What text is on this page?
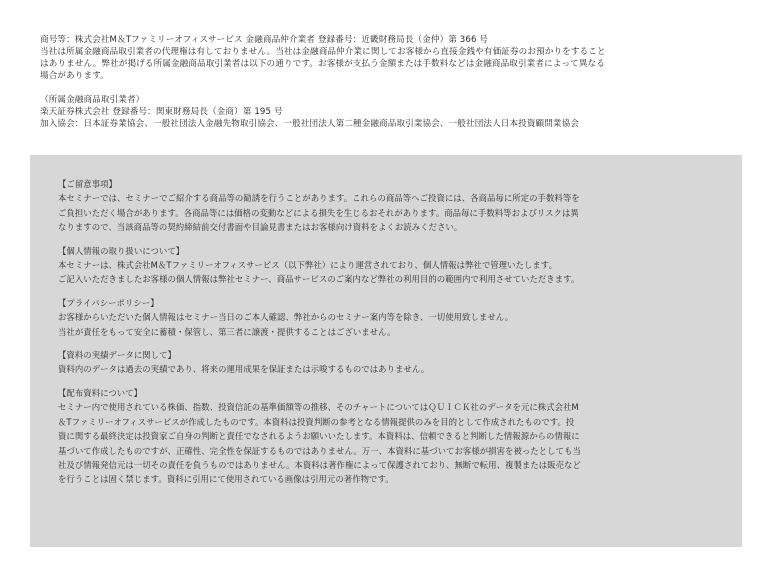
商号等：株式会社M＆Tファミリーオフィスサービス 金融商品仲介業者 登録番号：近畿財務局長（金仲）第 366 号

当社は所属金融商品取引業者の代理権は有しておりません。当社は金融商品仲介業に関してお客様から直接金銭や有価証券のお預かりをすること

はありません。弊社が掲げる所属金融商品取引業者は以下の通りです。お客様が支払う金額または手数料などは金融商品取引業者によって異なる

場合があります。

（所属金融商品取引業者）

楽天証券株式会社 登録番号：関東財務局長（金商）第 195 号

加入協会：日本証券業協会、一般社団法人金融先物取引協会、一般社団法人第二種金融商品取引業協会、一般社団法人日本投資顧問業協会

【ご留意事項】

本セミナーでは、セミナーでご紹介する商品等の勧誘を行うことがあります。これらの商品等へご投資には、各商品毎に所定の手数料等を

ご負担いただく場合があります。各商品等には価格の変動などによる損失を生じるおそれがあります。商品毎に手数料等およびリスクは異

なりますので、当該商品等の契約締結前交付書面や目論見書またはお客様向け資料をよくお読みください。

【個人情報の取り扱いについて】

本セミナーは、株式会社M＆Tファミリーオフィスサービス（以下弊社）により運営されており、個人情報は弊社で管理いたします。

ご記入いただきましたお客様の個人情報は弊社セミナー、商品サービスのご案内など弊社の利用目的の範囲内で利用させていただきます。

【プライバシーポリシー】

お客様からいただいた個人情報はセミナー当日のご本人確認、弊社からのセミナー案内等を除き、一切使用致しません。

当社が責任をもって安全に蓄積・保管し、第三者に譲渡・提供することはございません。

【資料の実績データに関して】

資料内のデータは過去の実績であり、将来の運用成果を保証または示唆するものではありません。

【配布資料について】

セミナー内で使用されている株価、指数、投資信託の基準価額等の推移、そのチャートについてはＱＵＩＣＫ社のデータを元に株式会社M

＆Tファミリーオフィスサービスが作成したものです。本資料は投資判断の参考となる情報提供のみを目的として作成されたものです。投

資に関する最終決定は投資家ご自身の判断と責任でなされるようお願いいたします。本資料は、信頼できると判断した情報源からの情報に

基づいて作成したものですが、正確性、完全性を保証するものではありません。万一、本資料に基づいてお客様が損害を被ったとしても当

社及び情報発信元は一切その責任を負うものではありません。本資料は著作権によって保護されており、無断で転用、複製または販売など

を行うことは固く禁じます。資料に引用にて使用されている画像は引用元の著作物です。
